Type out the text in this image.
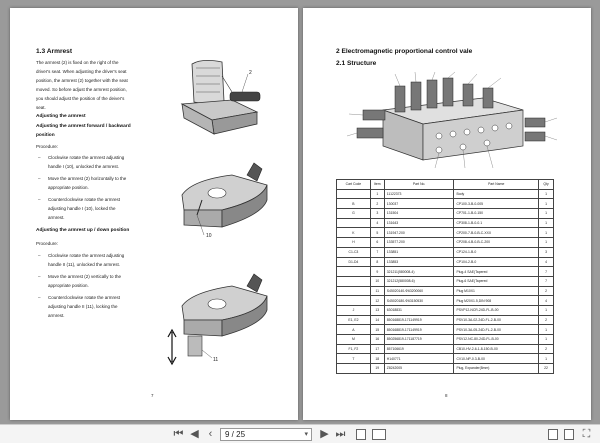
1.3 Armrest
The armrest (2) is fixed on the right of the
driver's seat. When adjusting the driver's seat
position, the armrest (2) together with the seat
moved. So before adjust the armrest position,
you should adjust the position of the deiver's
seat.
Adjusting the armrest
Adjusting the armrest forward / backward
position
Procedure:
– Clockwise rotate the armrest adjusting
handle I (10), unlocked the armrest.
– Move the armrest (2) horizontally to the
appropriate position.
– Counterclockwise rotate the armrest
adjusting handle I (10), locked the
armrest.
Adjusting the armrest up / down position
Procedure:
– Clockwise rotate the armrest adjusting
handle II (11), unlocked the armrest.
– Move the armrest (2) vertically to the
appropriate position.
– Counterclockwise rotate the armrest
adjusting handle II (11), locking the
armrest.
2
10
11
7
2 Electromagnetic proportional control vale
2.1 Structure
Cart Code	Item	Part No.	Part Name	Qty
	1	11122373	Body	1
B	2	130037	CP100-3-B-0-005	1
G	3	131504	CP701-1-B-0-150	1
	4	131643	CP308-1-B-0-0.1	1
K	5	131947.200	CP200-7-B-0-B-C-XXX	1
H	6	133577.200	CP208-4-B-0-B-C-200	1
C1-C3	7	133851	CP124-1-B-0	3
D1-D4	8	133853	CP104-2-B-0	4
	9	321211(580008-4)	Plug-4 SAE(Tapered	7
	10	321212(580008-6)	Plug-6 SAE(Tapered	7
	11	S45020140-Φ63200060	Plug M10X1	2
	12	S45020180-Φ63150530	Plug M20X1.5,DIN 908	4
J	13	63018831	PSVP12-NCR-24D-FL-B-00	1
E1, E2	14	850168819-171149919	PSV10-3A-02-24D-FL-2-B-00	2
A	15	850168819-171149919	PSV10-3A-05-24D-FL-2-B-00	1
M	16	850256819-171187719	PSV12-NC-80-24D-FL-B-00	1
F1, F2	17	857106619	CB10-HV-2-6-1-8-150-B-00	2
T	18	H140771	CV10-NP-0.3-B-00	1
	19	Z8242005	Plug, Expander(8mm)	22
8
⏮ ◀ ‹	9 / 25	▾ ▶ ⏭	⛶
